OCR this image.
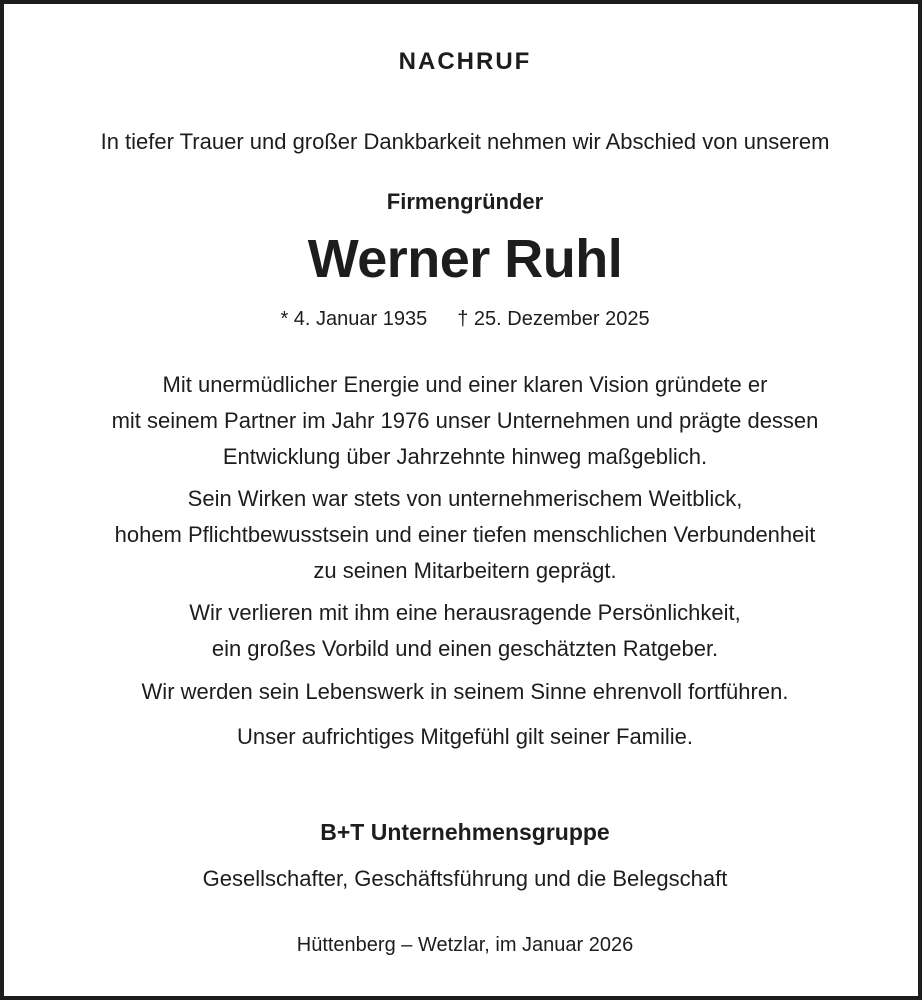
NACHRUF
In tiefer Trauer und großer Dankbarkeit nehmen wir Abschied von unserem
Firmengründer
Werner Ruhl
* 4. Januar 1935 † 25. Dezember 2025
Mit unermüdlicher Energie und einer klaren Vision gründete er
mit seinem Partner im Jahr 1976 unser Unternehmen und prägte dessen
Entwicklung über Jahrzehnte hinweg maßgeblich.
Sein Wirken war stets von unternehmerischem Weitblick,
hohem Pflichtbewusstsein und einer tiefen menschlichen Verbundenheit
zu seinen Mitarbeitern geprägt.
Wir verlieren mit ihm eine herausragende Persönlichkeit,
ein großes Vorbild und einen geschätzten Ratgeber.
Wir werden sein Lebenswerk in seinem Sinne ehrenvoll fortführen.
Unser aufrichtiges Mitgefühl gilt seiner Familie.
B+T Unternehmensgruppe
Gesellschafter, Geschäftsführung und die Belegschaft
Hüttenberg – Wetzlar, im Januar 2026
